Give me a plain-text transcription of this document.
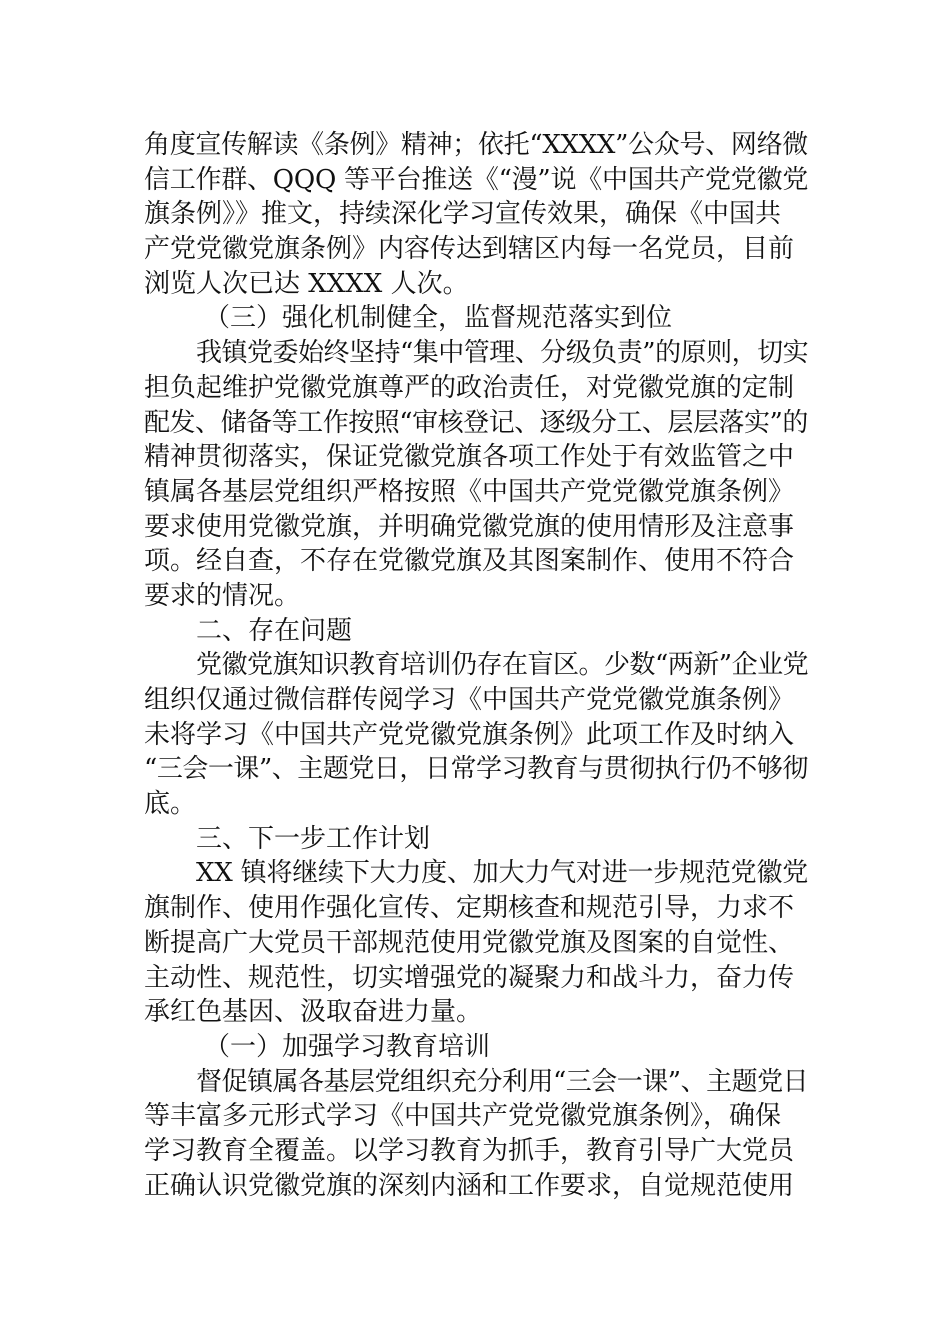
角度宣传解读《条例》精神；依托“XXXX”公众号、网络微
信工作群、QQQ 等平台推送《“漫”说《中国共产党党徽党
旗条例》》推文，持续深化学习宣传效果，确保《中国共
产党党徽党旗条例》内容传达到辖区内每一名党员，目前
浏览人次已达 XXXX 人次。
（三）强化机制健全，监督规范落实到位
我镇党委始终坚持“集中管理、分级负责”的原则，切实
担负起维护党徽党旗尊严的政治责任，对党徽党旗的定制
配发、储备等工作按照“审核登记、逐级分工、层层落实”的
精神贯彻落实，保证党徽党旗各项工作处于有效监管之中
镇属各基层党组织严格按照《中国共产党党徽党旗条例》
要求使用党徽党旗，并明确党徽党旗的使用情形及注意事
项。经自查，不存在党徽党旗及其图案制作、使用不符合
要求的情况。
二、存在问题
党徽党旗知识教育培训仍存在盲区。少数“两新”企业党
组织仅通过微信群传阅学习《中国共产党党徽党旗条例》
未将学习《中国共产党党徽党旗条例》此项工作及时纳入
“三会一课”、主题党日，日常学习教育与贯彻执行仍不够彻
底。
三、下一步工作计划
XX 镇将继续下大力度、加大力气对进一步规范党徽党
旗制作、使用作强化宣传、定期核查和规范引导，力求不
断提高广大党员干部规范使用党徽党旗及图案的自觉性、
主动性、规范性，切实增强党的凝聚力和战斗力，奋力传
承红色基因、汲取奋进力量。
（一）加强学习教育培训
督促镇属各基层党组织充分利用“三会一课”、主题党日
等丰富多元形式学习《中国共产党党徽党旗条例》，确保
学习教育全覆盖。以学习教育为抓手，教育引导广大党员
正确认识党徽党旗的深刻内涵和工作要求，自觉规范使用
